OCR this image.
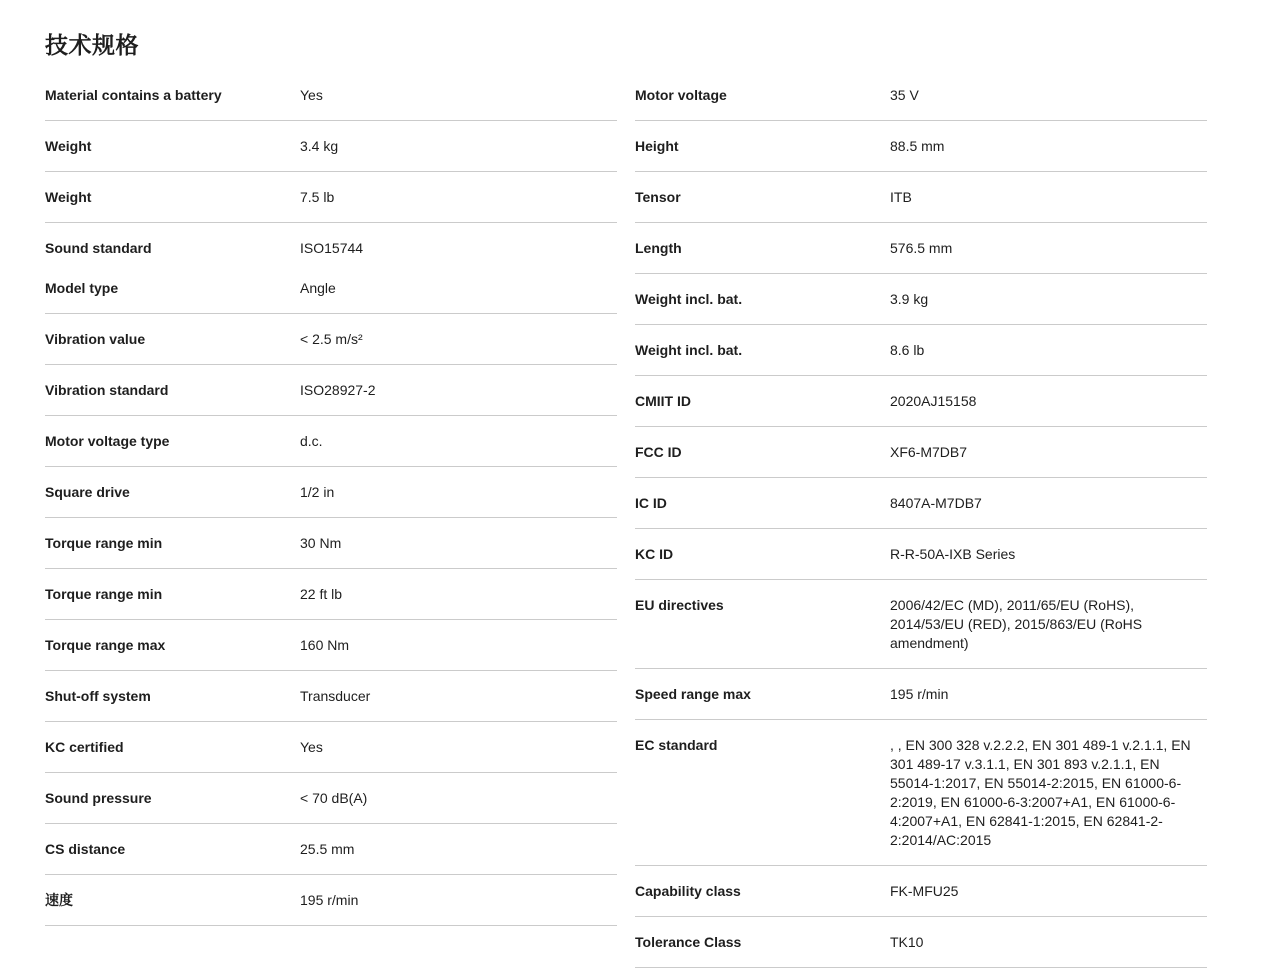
技术规格
Material contains a battery	Yes
Weight	3.4 kg
Weight	7.5 lb
Sound standard	ISO15744
Model type	Angle
Vibration value	< 2.5 m/s²
Vibration standard	ISO28927-2
Motor voltage type	d.c.
Square drive	1/2 in
Torque range min	30 Nm
Torque range min	22 ft lb
Torque range max	160 Nm
Shut-off system	Transducer
KC certified	Yes
Sound pressure	< 70 dB(A)
CS distance	25.5 mm
速度	195 r/min
Motor voltage	35 V
Height	88.5 mm
Tensor	ITB
Length	576.5 mm
Weight incl. bat.	3.9 kg
Weight incl. bat.	8.6 lb
CMIIT ID	2020AJ15158
FCC ID	XF6-M7DB7
IC ID	8407A-M7DB7
KC ID	R-R-50A-IXB Series
EU directives	2006/42/EC (MD), 2011/65/EU (RoHS), 2014/53/EU (RED), 2015/863/EU (RoHS amendment)
Speed range max	195 r/min
EC standard	, , EN 300 328 v.2.2.2, EN 301 489-1 v.2.1.1, EN 301 489-17 v.3.1.1, EN 301 893 v.2.1.1, EN 55014-1:2017, EN 55014-2:2015, EN 61000-6-2:2019, EN 61000-6-3:2007+A1, EN 61000-6-4:2007+A1, EN 62841-1:2015, EN 62841-2-2:2014/AC:2015
Capability class	FK-MFU25
Tolerance Class	TK10
